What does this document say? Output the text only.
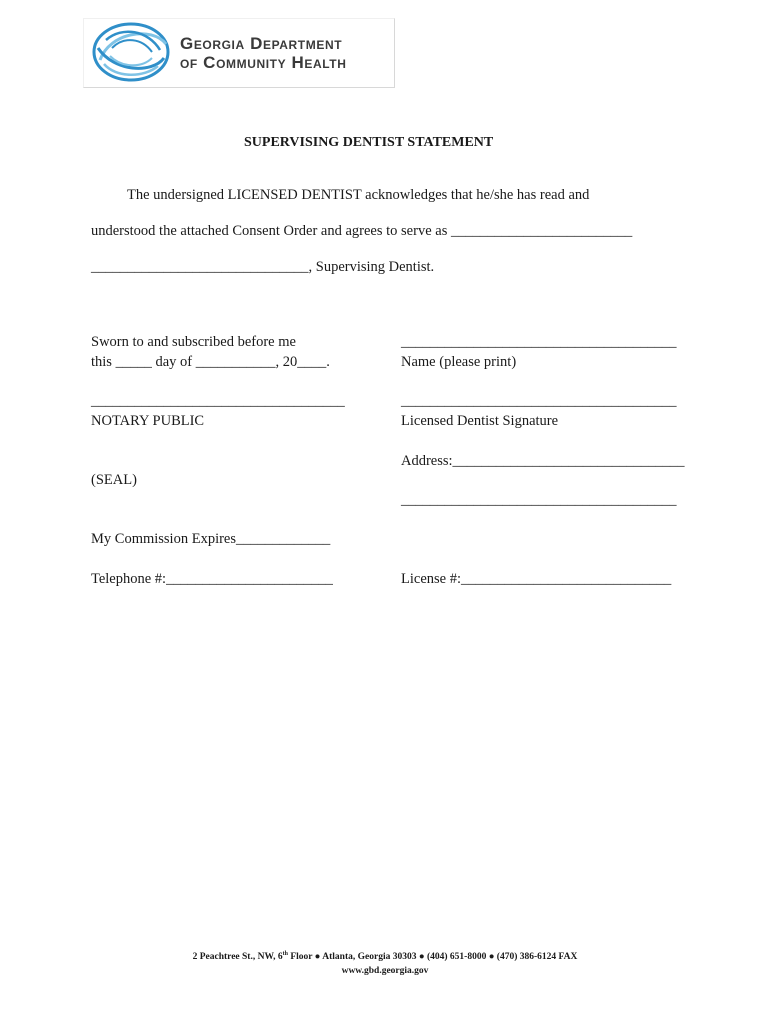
Georgia Department
of Community Health
SUPERVISING DENTIST STATEMENT
The undersigned LICENSED DENTIST acknowledges that he/she has read and
understood the attached Consent Order and agrees to serve as _________________________
______________________________, Supervising Dentist.
Sworn to and subscribed before me
this _____ day of ___________, 20____.
___________________________________
NOTARY PUBLIC
(SEAL)
My Commission Expires_____________
Telephone #:_______________________
______________________________________
Name (please print)
______________________________________
Licensed Dentist Signature
Address:________________________________
______________________________________
License #:_____________________________
2 Peachtree St., NW, 6th Floor ● Atlanta, Georgia 30303 ● (404) 651-8000 ● (470) 386-6124 FAX
www.gbd.georgia.gov
